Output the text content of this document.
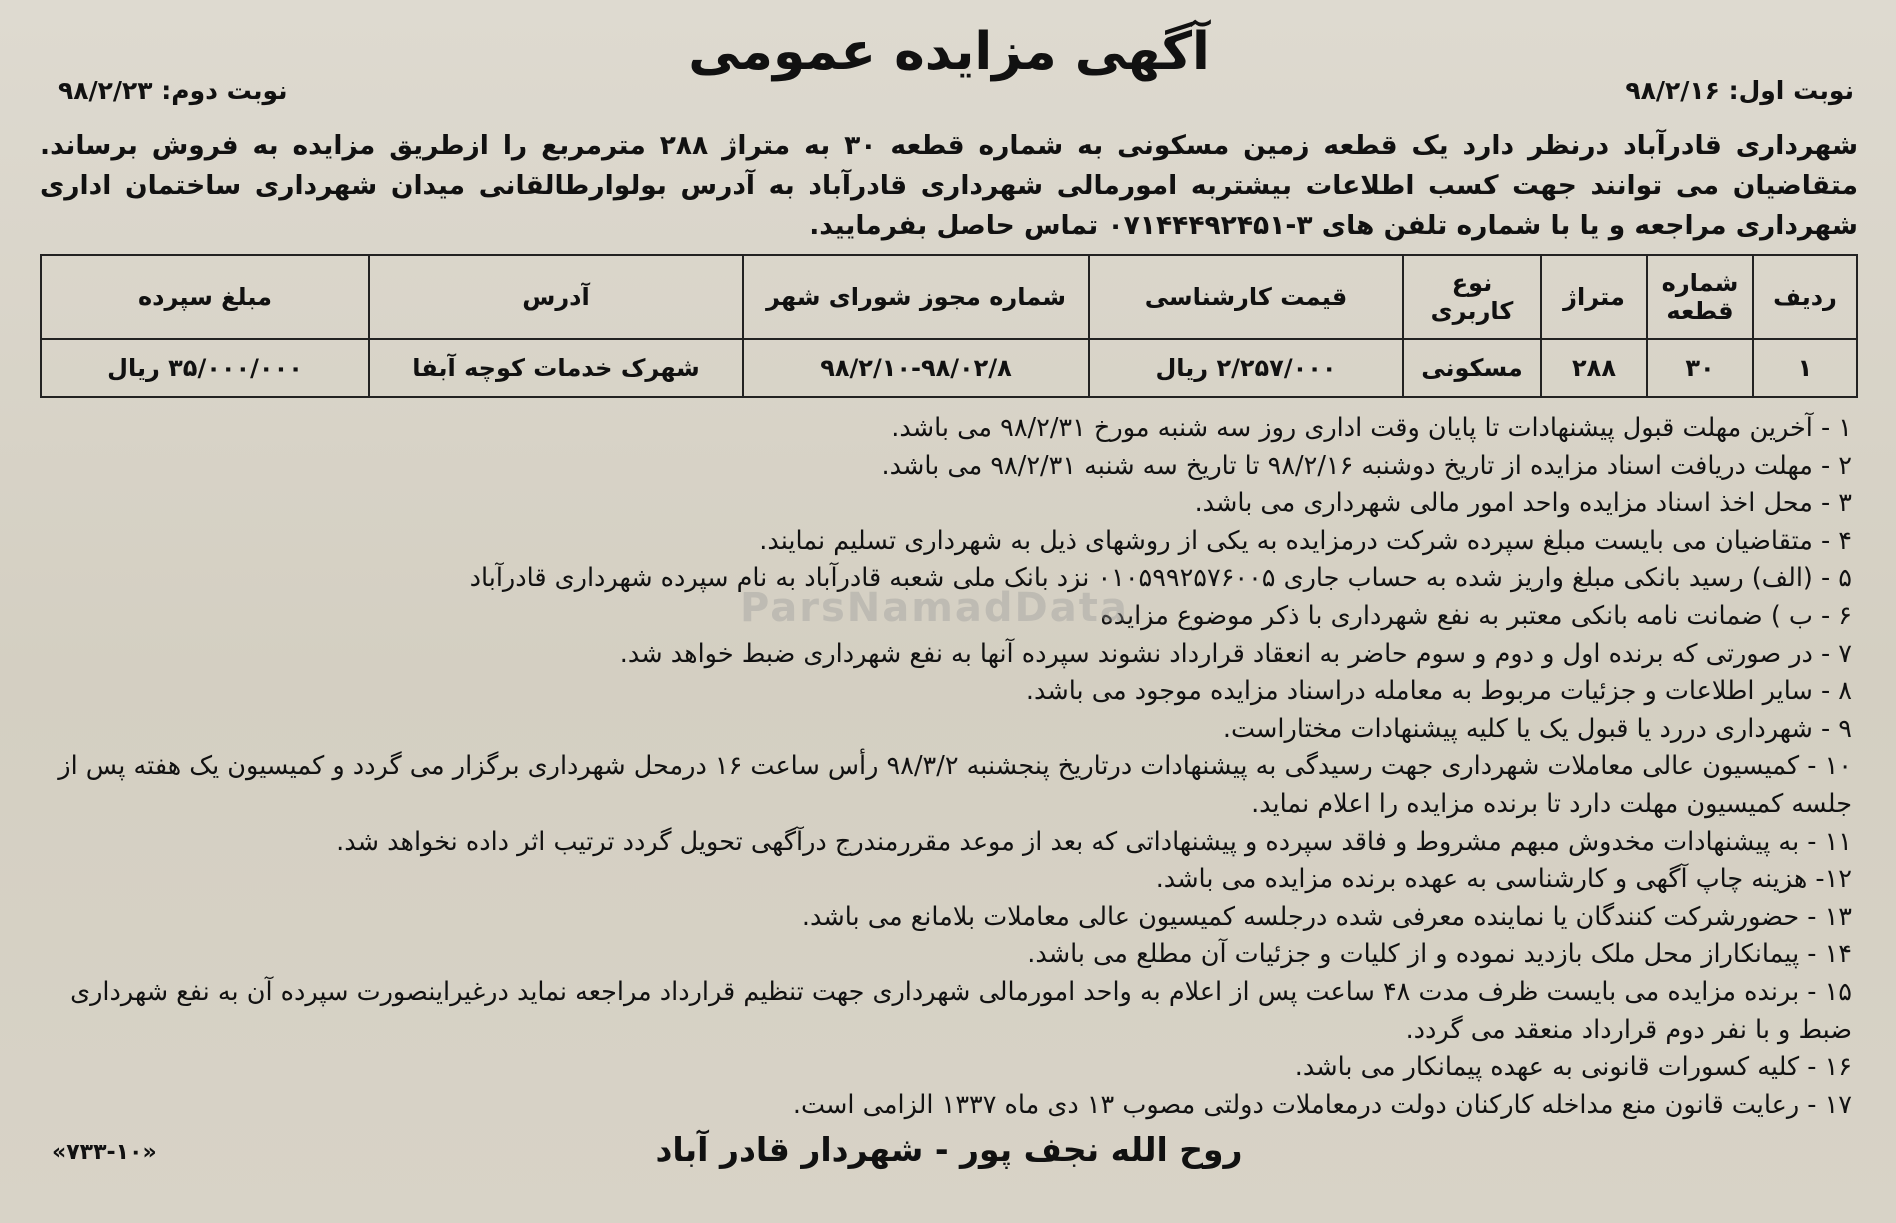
نوبت اول: ۹۸/۲/۱۶
آگهی مزایده عمومی
نوبت دوم: ۹۸/۲/۲۳
شهرداری قادرآباد درنظر دارد یک قطعه زمین مسکونی به شماره قطعه ۳۰ به متراژ ۲۸۸ مترمربع را ازطریق مزایده به فروش برساند. متقاضیان می توانند جهت کسب اطلاعات بیشتربه امورمالی شهرداری قادرآباد به آدرس بولوارطالقانی میدان شهرداری ساختمان اداری شهرداری مراجعه و یا با شماره تلفن های ۳-۰۷۱۴۴۴۹۲۴۵۱ تماس حاصل بفرمایید.
ردیف	شماره قطعه	متراژ	نوع کاربری	قیمت کارشناسی	شماره مجوز شورای شهر	آدرس	مبلغ سپرده
۱	۳۰	۲۸۸	مسکونی	۲/۲۵۷/۰۰۰ ریال	۹۸/۲/۱۰-۹۸/۰۲/۸	شهرک خدمات کوچه آبفا	۳۵/۰۰۰/۰۰۰ ریال
۱ - آخرین مهلت قبول پیشنهادات تا پایان وقت اداری روز سه شنبه مورخ ۹۸/۲/۳۱ می باشد.
۲ - مهلت دریافت اسناد مزایده از تاریخ دوشنبه ۹۸/۲/۱۶ تا تاریخ سه شنبه ۹۸/۲/۳۱ می باشد.
۳ - محل اخذ اسناد مزایده واحد امور مالی شهرداری می باشد.
۴ - متقاضیان می بایست مبلغ سپرده شرکت درمزایده به یکی از روشهای ذیل به شهرداری تسلیم نمایند.
۵ - (الف) رسید بانکی مبلغ واریز شده به حساب جاری ۰۱۰۵۹۹۲۵۷۶۰۰۵ نزد بانک ملی شعبه قادرآباد به نام سپرده شهرداری قادرآباد
۶ - ب ) ضمانت نامه بانکی معتبر به نفع شهرداری با ذکر موضوع مزایده
۷ - در صورتی که برنده اول و دوم و سوم حاضر به انعقاد قرارداد نشوند سپرده آنها به نفع شهرداری ضبط خواهد شد.
۸ - سایر اطلاعات و جزئیات مربوط به معامله دراسناد مزایده موجود می باشد.
۹ - شهرداری دررد یا قبول یک یا کلیه پیشنهادات مختاراست.
۱۰ - کمیسیون عالی معاملات شهرداری جهت رسیدگی به پیشنهادات درتاریخ پنجشنبه ۹۸/۳/۲ رأس ساعت ۱۶ درمحل شهرداری برگزار می گردد و کمیسیون یک هفته پس از جلسه کمیسیون مهلت دارد تا برنده مزایده را اعلام نماید.
۱۱ - به پیشنهادات مخدوش مبهم مشروط و فاقد سپرده و پیشنهاداتی که بعد از موعد مقررمندرج درآگهی تحویل گردد ترتیب اثر داده نخواهد شد.
۱۲- هزینه چاپ آگهی و کارشناسی به عهده برنده مزایده می باشد.
۱۳ - حضورشرکت کنندگان یا نماینده معرفی شده درجلسه کمیسیون عالی معاملات بلامانع می باشد.
۱۴ - پیمانکاراز محل ملک بازدید نموده و از کلیات و جزئیات آن مطلع می باشد.
۱۵ - برنده مزایده می بایست ظرف مدت ۴۸ ساعت پس از اعلام به واحد امورمالی شهرداری جهت تنظیم قرارداد مراجعه نماید درغیراینصورت سپرده آن به نفع شهرداری ضبط و با نفر دوم قرارداد منعقد می گردد.
۱۶ - کلیه کسورات قانونی به عهده پیمانکار می باشد.
۱۷ - رعایت قانون منع مداخله کارکنان دولت درمعاملات دولتی مصوب ۱۳ دی ماه ۱۳۳۷ الزامی است.
روح الله نجف پور - شهردار قادر آباد
«۷۳۳-۱۰»
ParsNamadData
